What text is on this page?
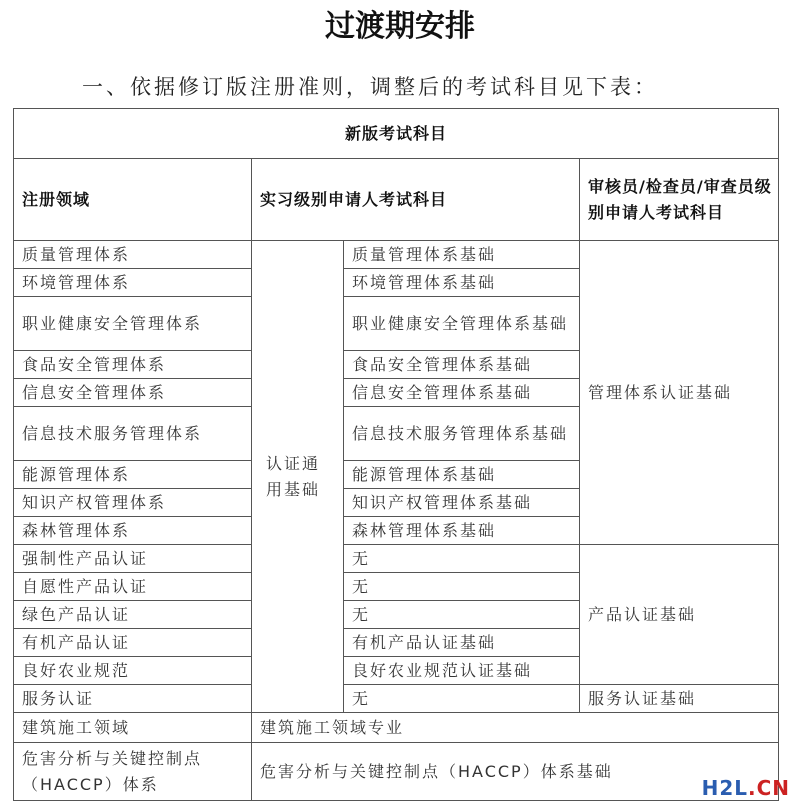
过渡期安排
一、依据修订版注册准则，调整后的考试科目见下表：
新版考试科目			
注册领域	实习级别申请人考试科目		审核员/检查员/审查员级别申请人考试科目
质量管理体系	认证通用基础	质量管理体系基础	管理体系认证基础
环境管理体系		环境管理体系基础	
职业健康安全管理体系		职业健康安全管理体系基础	
食品安全管理体系		食品安全管理体系基础	
信息安全管理体系		信息安全管理体系基础	
信息技术服务管理体系		信息技术服务管理体系基础	
能源管理体系		能源管理体系基础	
知识产权管理体系		知识产权管理体系基础	
森林管理体系		森林管理体系基础	
强制性产品认证		无	产品认证基础
自愿性产品认证		无	
绿色产品认证		无	
有机产品认证		有机产品认证基础	
良好农业规范		良好农业规范认证基础	
服务认证		无	服务认证基础
建筑施工领域	建筑施工领域专业		
危害分析与关键控制点（HACCP）体系	危害分析与关键控制点（HACCP）体系基础		
H2L.CN
